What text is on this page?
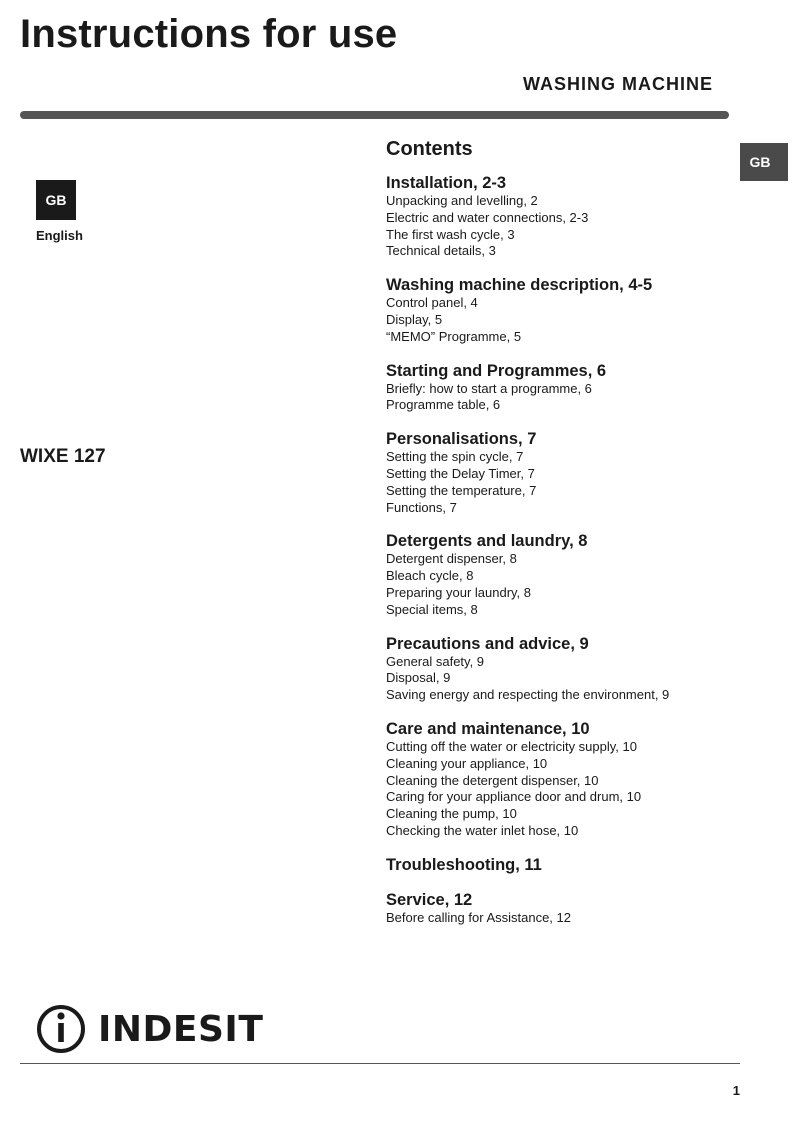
Instructions for use
WASHING MACHINE
GB
GB
English
WIXE 127
Contents
Installation, 2-3
Unpacking and levelling, 2
Electric and water connections, 2-3
The first wash cycle, 3
Technical details, 3
Washing machine description, 4-5
Control panel, 4
Display, 5
“MEMO” Programme, 5
Starting and Programmes, 6
Briefly: how to start a programme, 6
Programme table, 6
Personalisations, 7
Setting the spin cycle, 7
Setting the Delay Timer, 7
Setting the temperature, 7
Functions, 7
Detergents and laundry, 8
Detergent dispenser, 8
Bleach cycle, 8
Preparing your laundry, 8
Special items, 8
Precautions and advice, 9
General safety, 9
Disposal, 9
Saving energy and respecting the environment, 9
Care and maintenance, 10
Cutting off the water or electricity supply, 10
Cleaning your appliance, 10
Cleaning the detergent dispenser, 10
Caring for your appliance door and drum, 10
Cleaning the pump, 10
Checking the water inlet hose, 10
Troubleshooting, 11
Service, 12
Before calling for Assistance, 12
INDESIT
1
